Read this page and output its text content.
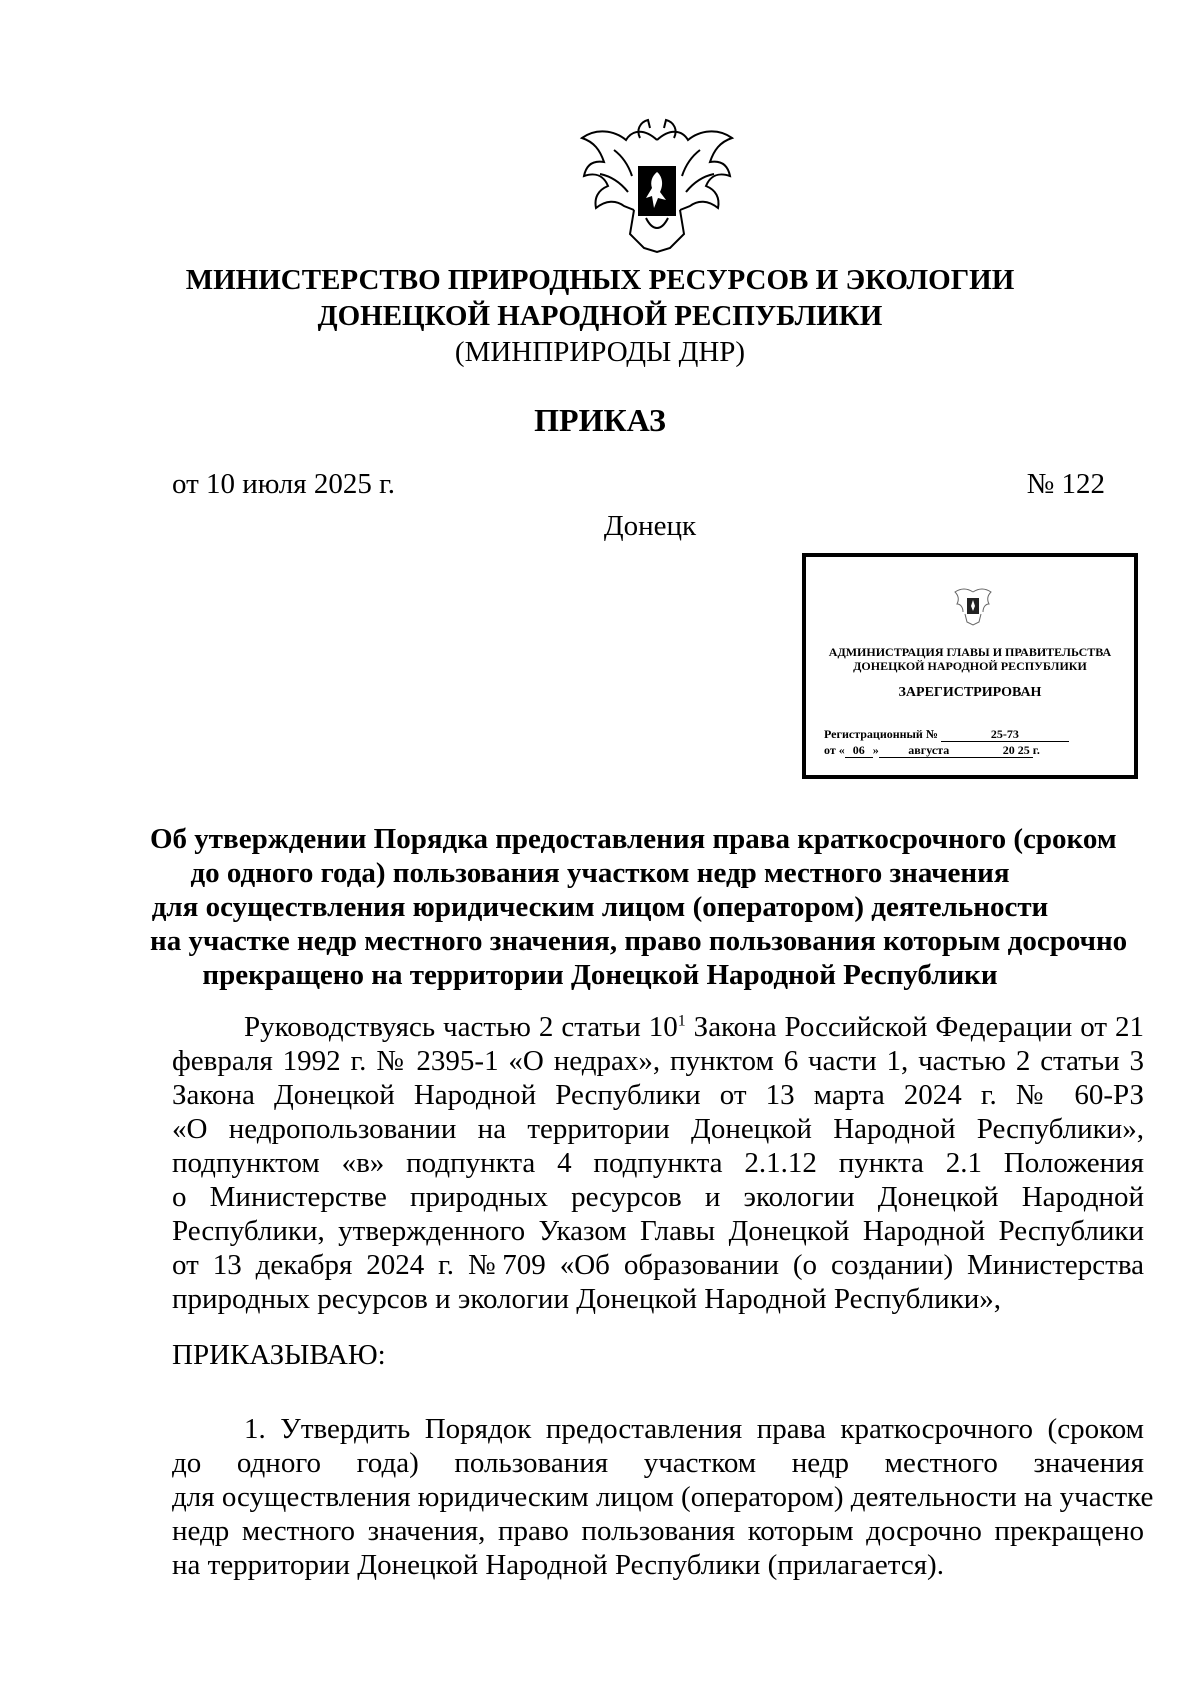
МИНИСТЕРСТВО ПРИРОДНЫХ РЕСУРСОВ И ЭКОЛОГИИ
ДОНЕЦКОЙ НАРОДНОЙ РЕСПУБЛИКИ
(МИНПРИРОДЫ ДНР)
ПРИКАЗ
от 10 июля 2025 г.	№ 122
Донецк
АДМИНИСТРАЦИЯ ГЛАВЫ И ПРАВИТЕЛЬСТВА
ДОНЕЦКОЙ НАРОДНОЙ РЕСПУБЛИКИ
ЗАРЕГИСТРИРОВАН
Регистрационный №	25-73
от « 06 » августа	20 25 г.
Об утверждении Порядка предоставления права краткосрочного (сроком
до одного года) пользования участком недр местного значения
для осуществления юридическим лицом (оператором) деятельности
на участке недр местного значения, право пользования которым досрочно
прекращено на территории Донецкой Народной Республики
Руководствуясь частью 2 статьи $10^1$ Закона Российской Федерации от 21
февраля 1992 г. № 2395-1 «О недрах», пунктом 6 части 1, частью 2 статьи 3
Закона Донецкой Народной Республики от 13 марта 2024 г. № 60-РЗ
«О недропользовании на территории Донецкой Народной Республики»,
подпунктом «в» подпункта 4 подпункта 2.1.12 пункта 2.1 Положения
о Министерстве природных ресурсов и экологии Донецкой Народной
Республики, утвержденного Указом Главы Донецкой Народной Республики
от 13 декабря 2024 г. №709 «Об образовании (о создании) Министерства
природных ресурсов и экологии Донецкой Народной Республики»,
ПРИКАЗЫВАЮ:
1. Утвердить Порядок предоставления права краткосрочного (сроком
до одного года) пользования участком недр местного значения
для осуществления юридическим лицом (оператором) деятельности на участке
недр местного значения, право пользования которым досрочно прекращено
на территории Донецкой Народной Республики (прилагается).
